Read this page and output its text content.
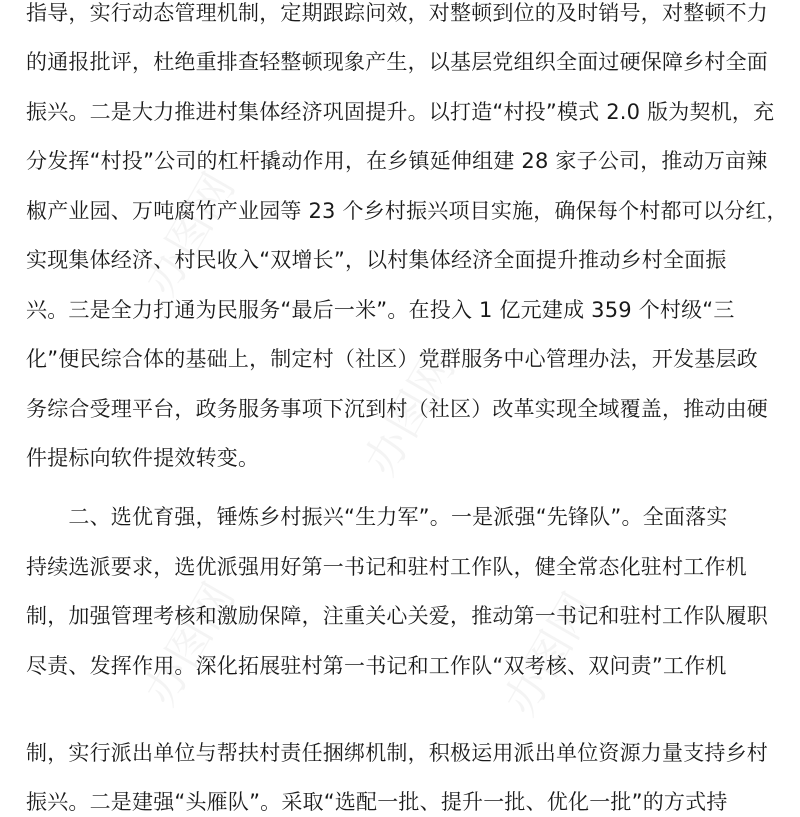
办图网
办图网
办图网	办图网
指导，实行动态管理机制，定期跟踪问效，对整顿到位的及时销号，对整顿不力
的通报批评，杜绝重排查轻整顿现象产生，以基层党组织全面过硬保障乡村全面
振兴。二是大力推进村集体经济巩固提升。以打造“村投”模式 2.0 版为契机，充
分发挥“村投”公司的杠杆撬动作用，在乡镇延伸组建 28 家子公司，推动万亩辣
椒产业园、万吨腐竹产业园等 23 个乡村振兴项目实施，确保每个村都可以分红，
实现集体经济、村民收入“双增长”，以村集体经济全面提升推动乡村全面振
兴。三是全力打通为民服务“最后一米”。在投入 1 亿元建成 359 个村级“三
化”便民综合体的基础上，制定村（社区）党群服务中心管理办法，开发基层政
务综合受理平台，政务服务事项下沉到村（社区）改革实现全域覆盖，推动由硬
件提标向软件提效转变。
　　二、选优育强，锤炼乡村振兴“生力军”。一是派强“先锋队”。全面落实
持续选派要求，选优派强用好第一书记和驻村工作队，健全常态化驻村工作机
制，加强管理考核和激励保障，注重关心关爱，推动第一书记和驻村工作队履职
尽责、发挥作用。深化拓展驻村第一书记和工作队“双考核、双问责”工作机
制，实行派出单位与帮扶村责任捆绑机制，积极运用派出单位资源力量支持乡村
振兴。二是建强“头雁队”。采取“选配一批、提升一批、优化一批”的方式持
